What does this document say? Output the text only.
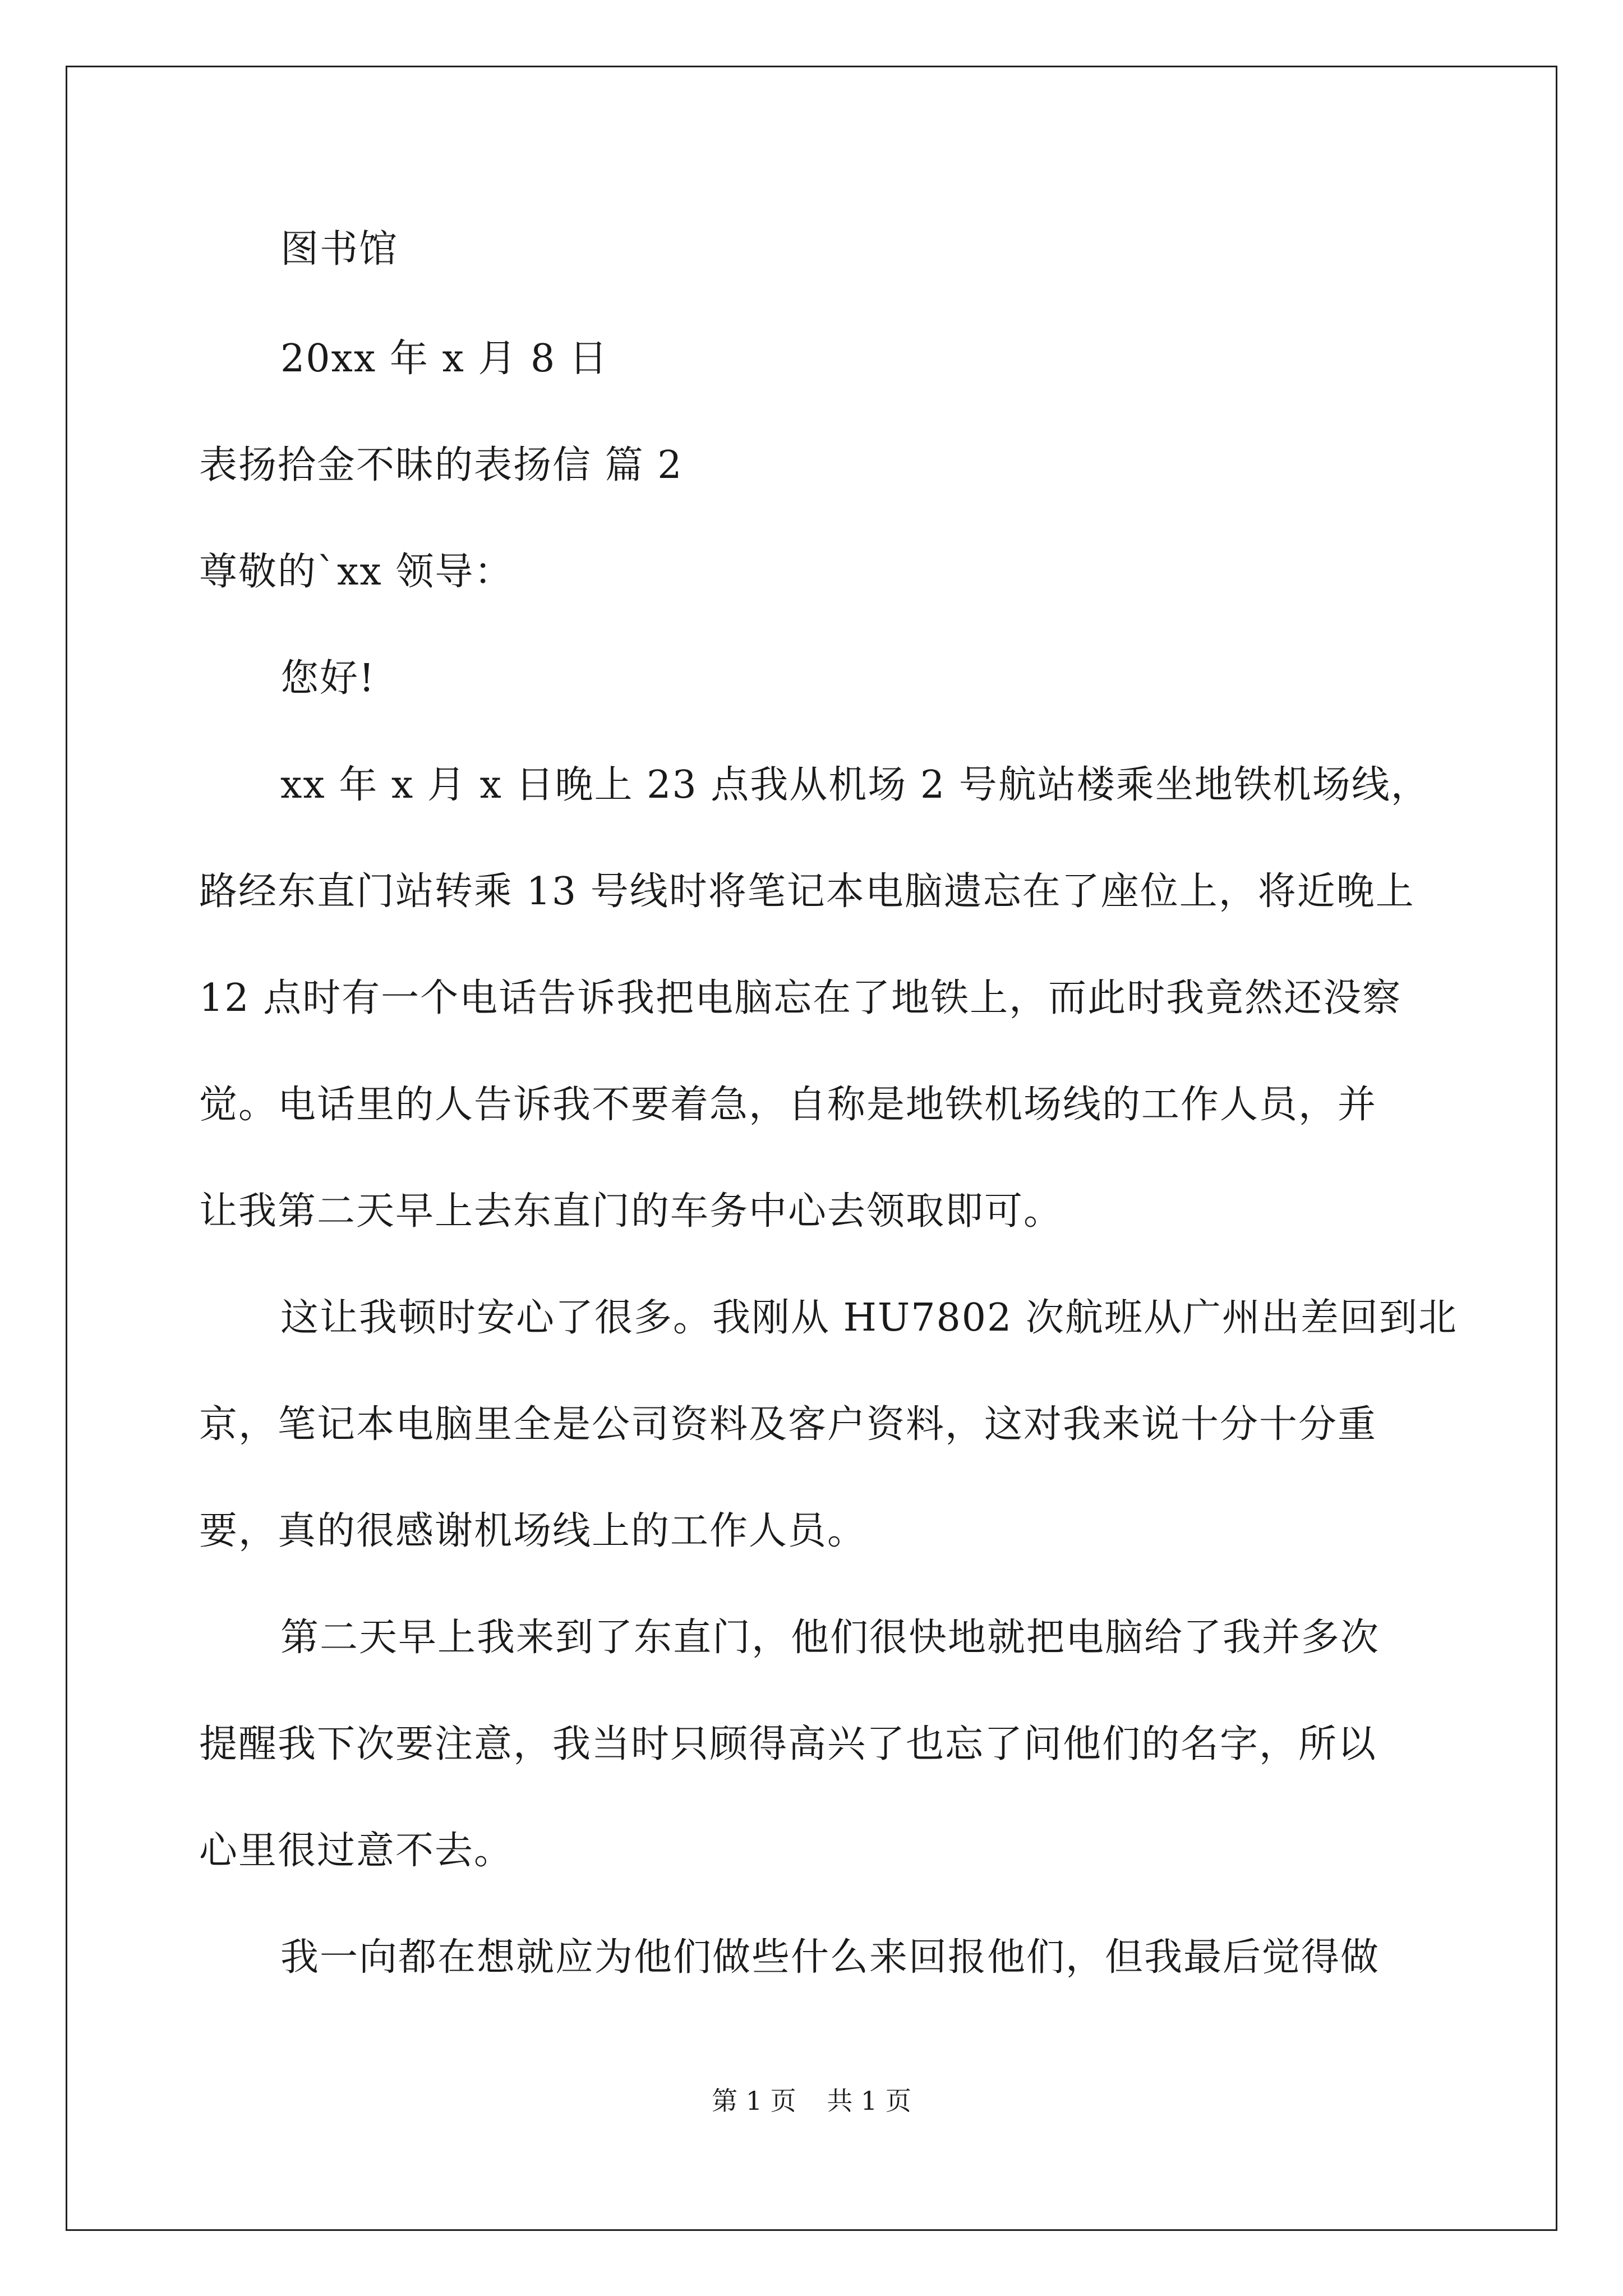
图书馆
20xx 年 x 月 8 日
表扬拾金不昧的表扬信 篇 2
尊敬的`xx 领导：
您好!
xx 年 x 月 x 日晚上 23 点我从机场 2 号航站楼乘坐地铁机场线，
路经东直门站转乘 13 号线时将笔记本电脑遗忘在了座位上，将近晚上
12 点时有一个电话告诉我把电脑忘在了地铁上，而此时我竟然还没察
觉。电话里的人告诉我不要着急，自称是地铁机场线的工作人员，并
让我第二天早上去东直门的车务中心去领取即可。
这让我顿时安心了很多。我刚从 HU7802 次航班从广州出差回到北
京，笔记本电脑里全是公司资料及客户资料，这对我来说十分十分重
要，真的很感谢机场线上的工作人员。
第二天早上我来到了东直门，他们很快地就把电脑给了我并多次
提醒我下次要注意，我当时只顾得高兴了也忘了问他们的名字，所以
心里很过意不去。
我一向都在想就应为他们做些什么来回报他们，但我最后觉得做
第 1 页 共 1 页
